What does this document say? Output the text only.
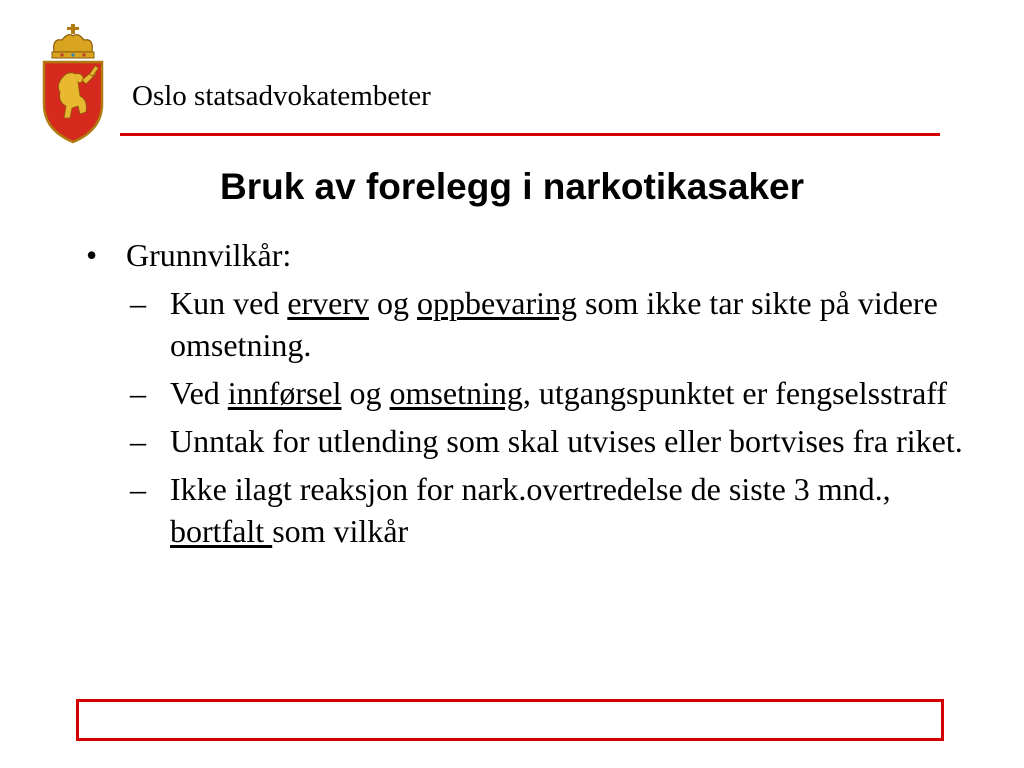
Oslo statsadvokatembeter
Bruk av forelegg i narkotikasaker
• Grunnvilkår:
– Kun ved erverv og oppbevaring som ikke tar sikte på videre omsetning.
– Ved innførsel og omsetning, utgangspunktet er fengselsstraff
– Unntak for utlending som skal utvises eller bortvises fra riket.
– Ikke ilagt reaksjon for nark.overtredelse de siste 3 mnd., bortfalt som vilkår
